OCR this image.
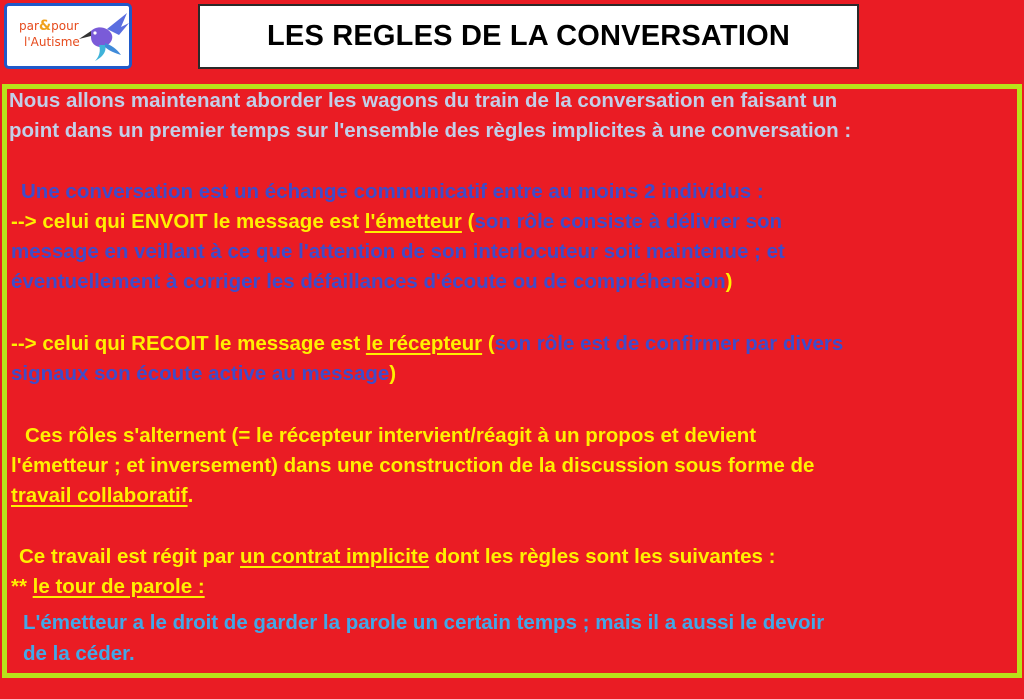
par&pour
l'Autisme	LES REGLES DE LA CONVERSATION
Nous allons maintenant aborder les wagons du train de la conversation en faisant un
point dans un premier temps sur l'ensemble des règles implicites à une conversation :
Une conversation est un échange communicatif entre au moins 2 individus :
--> celui qui ENVOIT le message est l'émetteur (son rôle consiste à délivrer son
message en veillant à ce que l'attention de son interlocuteur soit maintenue ; et
éventuellement à corriger les défaillances d'écoute ou de compréhension)
--> celui qui RECOIT le message est le récepteur (son rôle est de confirmer par divers
signaux son écoute active au message)
Ces rôles s'alternent (= le récepteur intervient/réagit à un propos et devient
l'émetteur ; et inversement) dans une construction de la discussion sous forme de
travail collaboratif.
Ce travail est régit par un contrat implicite dont les règles sont les suivantes :
** le tour de parole :
L'émetteur a le droit de garder la parole un certain temps ; mais il a aussi le devoir
de la céder.
